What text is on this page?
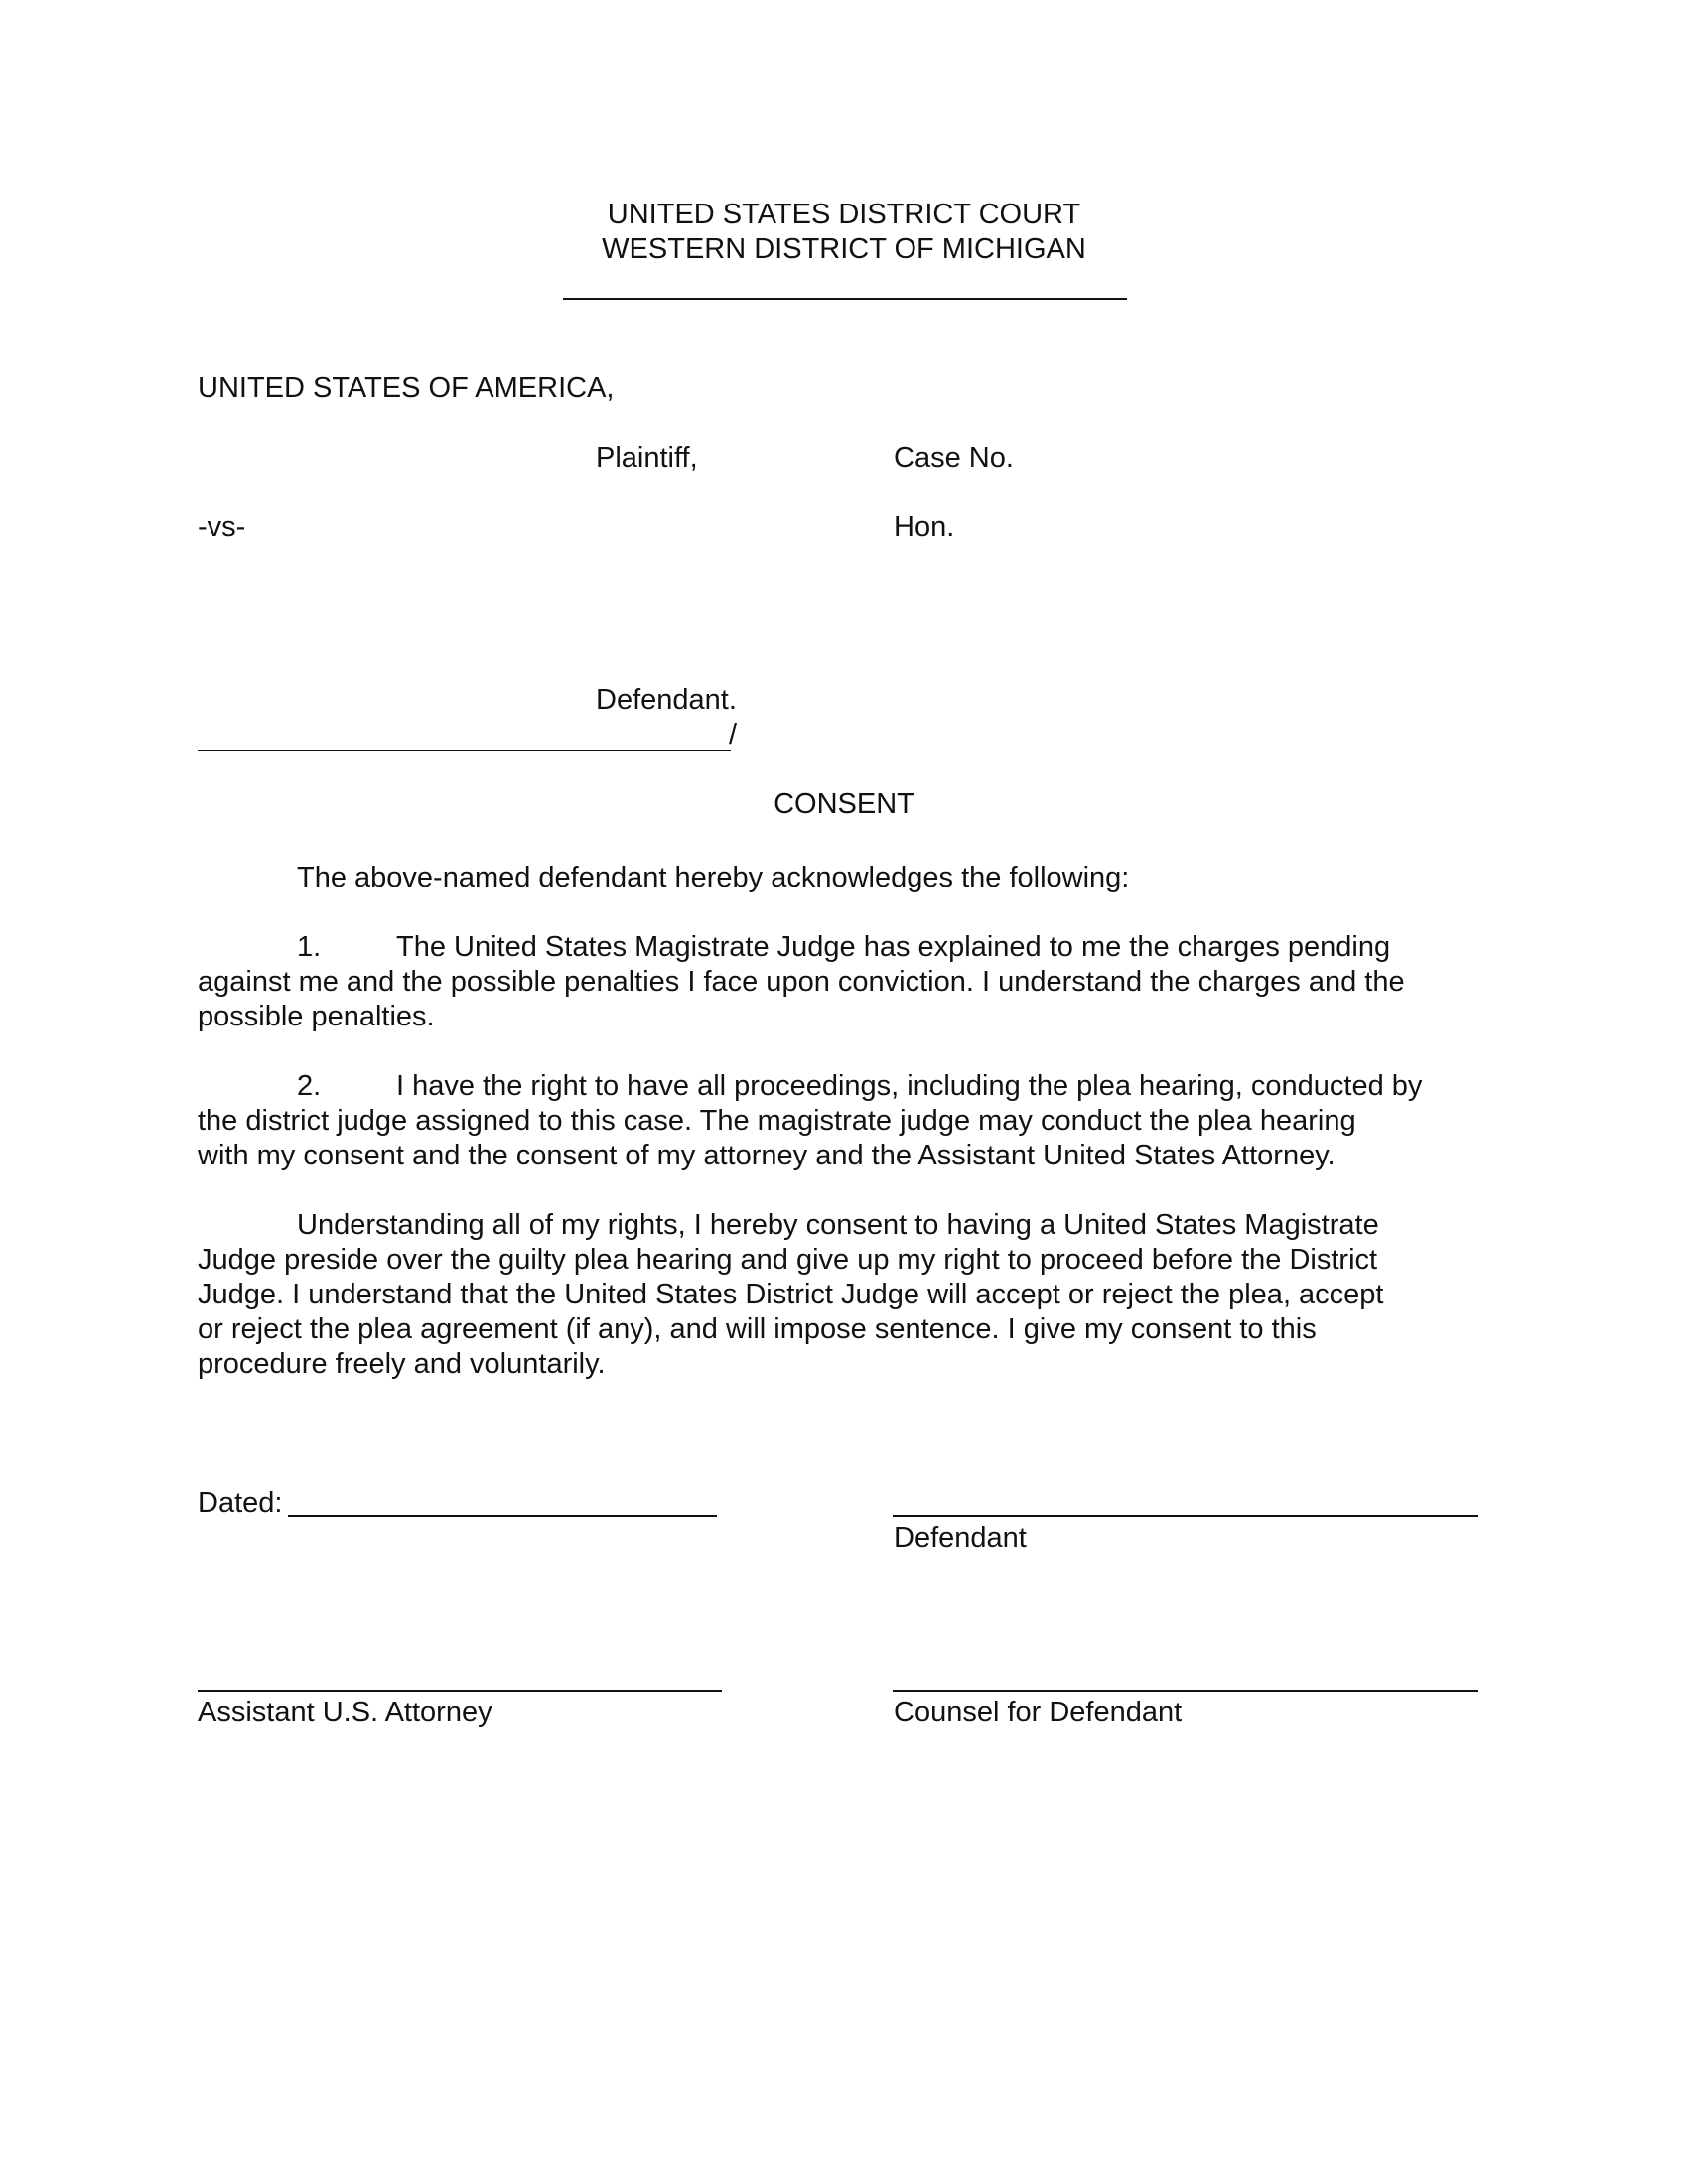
UNITED STATES DISTRICT COURT
WESTERN DISTRICT OF MICHIGAN
UNITED STATES OF AMERICA,
Plaintiff,	Case No.
-vs-	Hon.
Defendant.
/
CONSENT
The above-named defendant hereby acknowledges the following:
1.	The United States Magistrate Judge has explained to me the charges pending
against me and the possible penalties I face upon conviction. I understand the charges and the
possible penalties.
2.	I have the right to have all proceedings, including the plea hearing, conducted by
the district judge assigned to this case. The magistrate judge may conduct the plea hearing
with my consent and the consent of my attorney and the Assistant United States Attorney.
Understanding all of my rights, I hereby consent to having a United States Magistrate
Judge preside over the guilty plea hearing and give up my right to proceed before the District
Judge. I understand that the United States District Judge will accept or reject the plea, accept
or reject the plea agreement (if any), and will impose sentence. I give my consent to this
procedure freely and voluntarily.
Dated:
Defendant
Assistant U.S. Attorney	Counsel for Defendant
